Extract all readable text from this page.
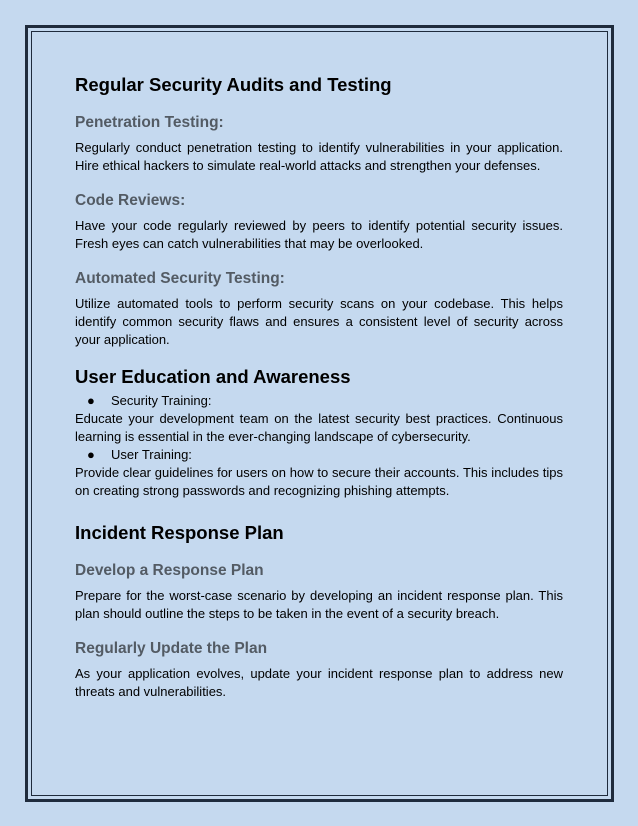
Regular Security Audits and Testing
Penetration Testing:

Regularly conduct penetration testing to identify vulnerabilities in your application. Hire ethical hackers to simulate real-world attacks and strengthen your defenses.

Code Reviews:

Have your code regularly reviewed by peers to identify potential security issues. Fresh eyes can catch vulnerabilities that may be overlooked.

Automated Security Testing:

Utilize automated tools to perform security scans on your codebase. This helps identify common security flaws and ensures a consistent level of security across your application.

User Education and Awareness
● Security Training:

Educate your development team on the latest security best practices. Continuous learning is essential in the ever-changing landscape of cybersecurity.

● User Training:

Provide clear guidelines for users on how to secure their accounts. This includes tips on creating strong passwords and recognizing phishing attempts.

Incident Response Plan
Develop a Response Plan

Prepare for the worst-case scenario by developing an incident response plan. This plan should outline the steps to be taken in the event of a security breach.

Regularly Update the Plan

As your application evolves, update your incident response plan to address new threats and vulnerabilities.
